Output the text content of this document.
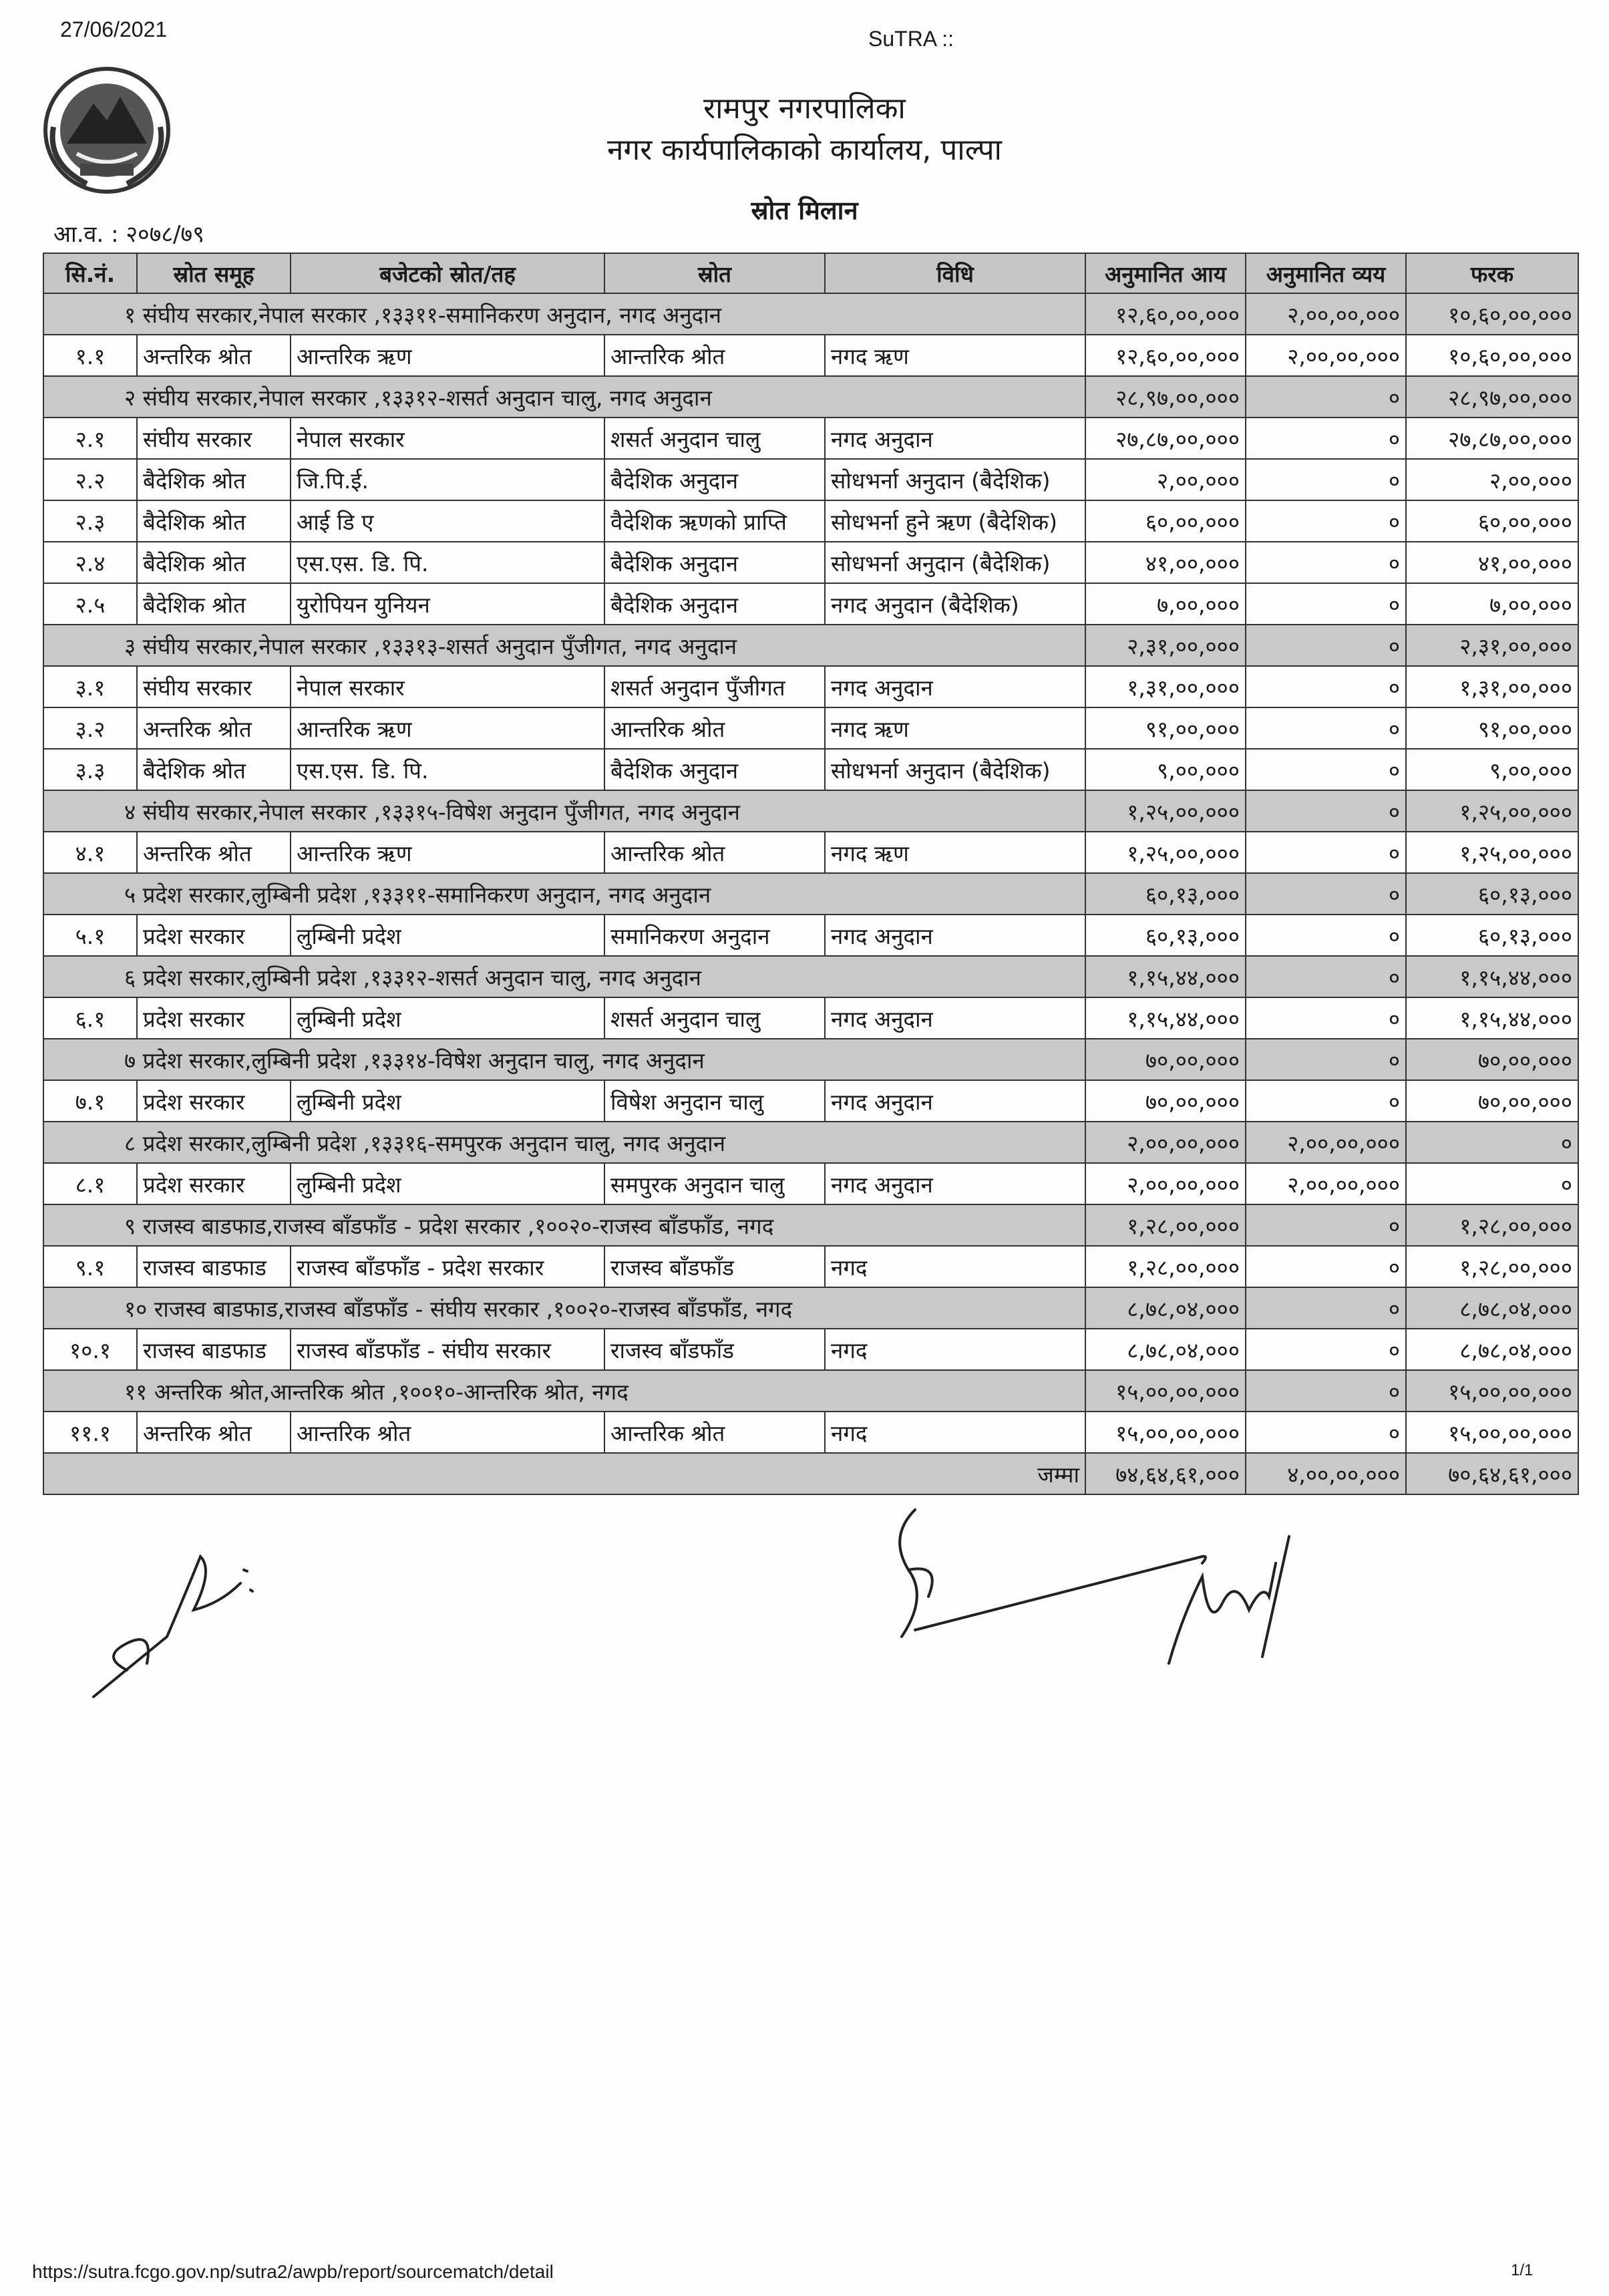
27/06/2021	SuTRA ::
रामपुर नगरपालिका
नगर कार्यपालिकाको कार्यालय, पाल्पा
स्रोत मिलान
आ.व. : २०७८/७९
सि.नं.	स्रोत समूह	बजेटको स्रोत/तह	स्रोत	विधि	अनुमानित आय	अनुमानित व्यय	फरक
१ संघीय सरकार,नेपाल सरकार ,१३३११-समानिकरण अनुदान, नगद अनुदान					१२,६०,००,०००	२,००,००,०००	१०,६०,००,०००
१.१	अन्तरिक श्रोत	आन्तरिक ऋण	आन्तरिक श्रोत	नगद ऋण	१२,६०,००,०००	२,००,००,०००	१०,६०,००,०००
२ संघीय सरकार,नेपाल सरकार ,१३३१२-शसर्त अनुदान चालु, नगद अनुदान					२८,९७,००,०००	०	२८,९७,००,०००
२.१	संघीय सरकार	नेपाल सरकार	शसर्त अनुदान चालु	नगद अनुदान	२७,८७,००,०००	०	२७,८७,००,०००
२.२	बैदेशिक श्रोत	जि.पि.ई.	बैदेशिक अनुदान	सोधभर्ना अनुदान (बैदेशिक)	२,००,०००	०	२,००,०००
२.३	बैदेशिक श्रोत	आई डि ए	वैदेशिक ऋणको प्राप्ति	सोधभर्ना हुने ऋण (बैदेशिक)	६०,००,०००	०	६०,००,०००
२.४	बैदेशिक श्रोत	एस.एस. डि. पि.	बैदेशिक अनुदान	सोधभर्ना अनुदान (बैदेशिक)	४१,००,०००	०	४१,००,०००
२.५	बैदेशिक श्रोत	युरोपियन युनियन	बैदेशिक अनुदान	नगद अनुदान (बैदेशिक)	७,००,०००	०	७,००,०००
३ संघीय सरकार,नेपाल सरकार ,१३३१३-शसर्त अनुदान पुँजीगत, नगद अनुदान					२,३१,००,०००	०	२,३१,००,०००
३.१	संघीय सरकार	नेपाल सरकार	शसर्त अनुदान पुँजीगत	नगद अनुदान	१,३१,००,०००	०	१,३१,००,०००
३.२	अन्तरिक श्रोत	आन्तरिक ऋण	आन्तरिक श्रोत	नगद ऋण	९१,००,०००	०	९१,००,०००
३.३	बैदेशिक श्रोत	एस.एस. डि. पि.	बैदेशिक अनुदान	सोधभर्ना अनुदान (बैदेशिक)	९,००,०००	०	९,००,०००
४ संघीय सरकार,नेपाल सरकार ,१३३१५-विषेश अनुदान पुँजीगत, नगद अनुदान					१,२५,००,०००	०	१,२५,००,०००
४.१	अन्तरिक श्रोत	आन्तरिक ऋण	आन्तरिक श्रोत	नगद ऋण	१,२५,००,०००	०	१,२५,००,०००
५ प्रदेश सरकार,लुम्बिनी प्रदेश ,१३३११-समानिकरण अनुदान, नगद अनुदान					६०,१३,०००	०	६०,१३,०००
५.१	प्रदेश सरकार	लुम्बिनी प्रदेश	समानिकरण अनुदान	नगद अनुदान	६०,१३,०००	०	६०,१३,०००
६ प्रदेश सरकार,लुम्बिनी प्रदेश ,१३३१२-शसर्त अनुदान चालु, नगद अनुदान					१,१५,४४,०००	०	१,१५,४४,०००
६.१	प्रदेश सरकार	लुम्बिनी प्रदेश	शसर्त अनुदान चालु	नगद अनुदान	१,१५,४४,०००	०	१,१५,४४,०००
७ प्रदेश सरकार,लुम्बिनी प्रदेश ,१३३१४-विषेश अनुदान चालु, नगद अनुदान					७०,००,०००	०	७०,००,०००
७.१	प्रदेश सरकार	लुम्बिनी प्रदेश	विषेश अनुदान चालु	नगद अनुदान	७०,००,०००	०	७०,००,०००
८ प्रदेश सरकार,लुम्बिनी प्रदेश ,१३३१६-समपुरक अनुदान चालु, नगद अनुदान					२,००,००,०००	२,००,००,०००	०
८.१	प्रदेश सरकार	लुम्बिनी प्रदेश	समपुरक अनुदान चालु	नगद अनुदान	२,००,००,०००	२,००,००,०००	०
९ राजस्व बाडफाड,राजस्व बाँडफाँड - प्रदेश सरकार ,१००२०-राजस्व बाँडफाँड, नगद					१,२८,००,०००	०	१,२८,००,०००
९.१	राजस्व बाडफाड	राजस्व बाँडफाँड - प्रदेश सरकार	राजस्व बाँडफाँड	नगद	१,२८,००,०००	०	१,२८,००,०००
१० राजस्व बाडफाड,राजस्व बाँडफाँड - संघीय सरकार ,१००२०-राजस्व बाँडफाँड, नगद					८,७८,०४,०००	०	८,७८,०४,०००
१०.१	राजस्व बाडफाड	राजस्व बाँडफाँड - संघीय सरकार	राजस्व बाँडफाँड	नगद	८,७८,०४,०००	०	८,७८,०४,०००
११ अन्तरिक श्रोत,आन्तरिक श्रोत ,१००१०-आन्तरिक श्रोत, नगद					१५,००,००,०००	०	१५,००,००,०००
११.१	अन्तरिक श्रोत	आन्तरिक श्रोत	आन्तरिक श्रोत	नगद	१५,००,००,०००	०	१५,००,००,०००
जम्मा					७४,६४,६१,०००	४,००,००,०००	७०,६४,६१,०००
https://sutra.fcgo.gov.np/sutra2/awpb/report/sourcematch/detail	1/1
